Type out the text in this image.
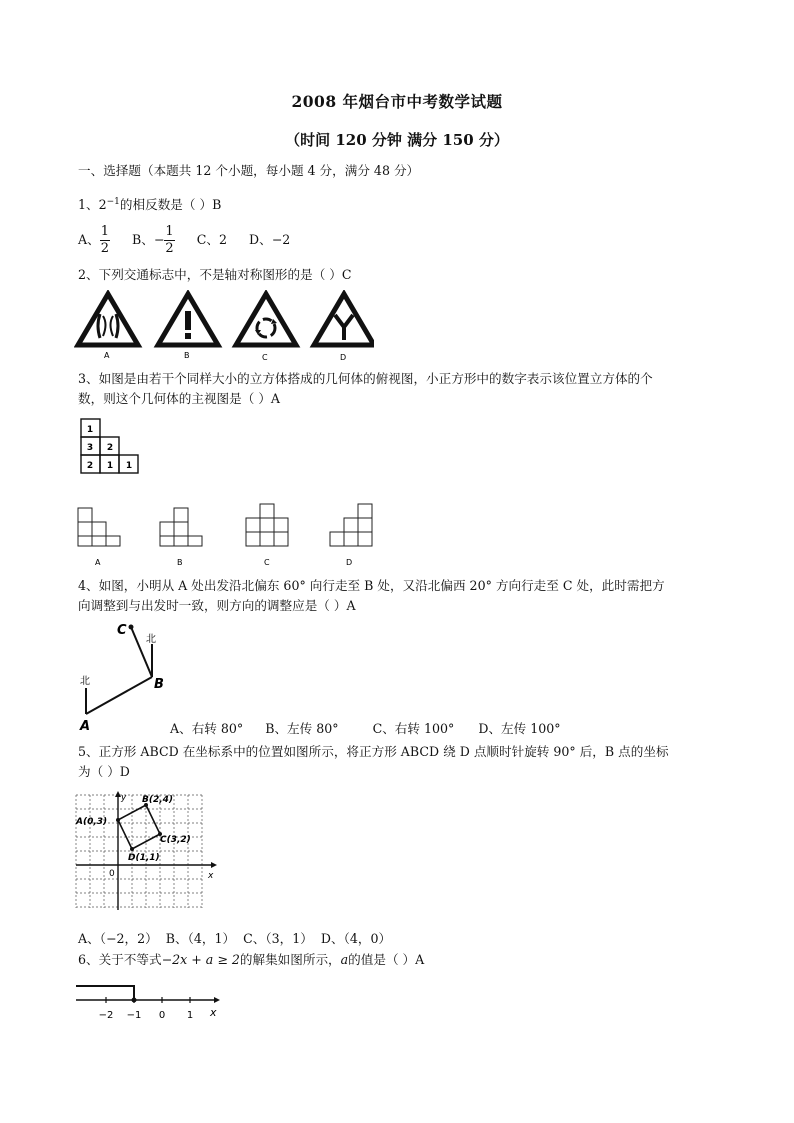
2008 年烟台市中考数学试题
（时间 120 分钟 满分 150 分）
一、选择题（本题共 12 个小题，每小题 4 分，满分 48 分）
1、$2^{-1}$的相反数是（ ）B
A、 $\frac{1}{2}$ B、− $\frac{1}{2}$ C、2 D、−2
2、下列交通标志中，不是轴对称图形的是（ ）C
A	B	C	D
3、如图是由若干个同样大小的立方体搭成的几何体的俯视图，小正方形中的数字表示该位置立方体的个
数，则这个几何体的主视图是（ ）A
1
3 2
2 1 1
A	B	C	D
4、如图，小明从 A 处出发沿北偏东 60° 向行走至 B 处，又沿北偏西 20° 方向行走至 C 处，此时需把方
向调整到与出发时一致，则方向的调整应是（ ）A
A
B
C
北
北
A、右转 80° B、左传 80°	C、右转 100° D、左传 100°
5、正方形 ABCD 在坐标系中的位置如图所示，将正方形 ABCD 绕 D 点顺时针旋转 90° 后，B 点的坐标
为（ ）D
y
x
0
A(0,3)
B(2,4)
C(3,2)
D(1,1)
A、（−2，2） B、（4，1） C、（3，1） D、（4，0）
6、关于不等式−2x + a ≥ 2的解集如图所示，a的值是（ ）A
−2 −1 0 1 x
